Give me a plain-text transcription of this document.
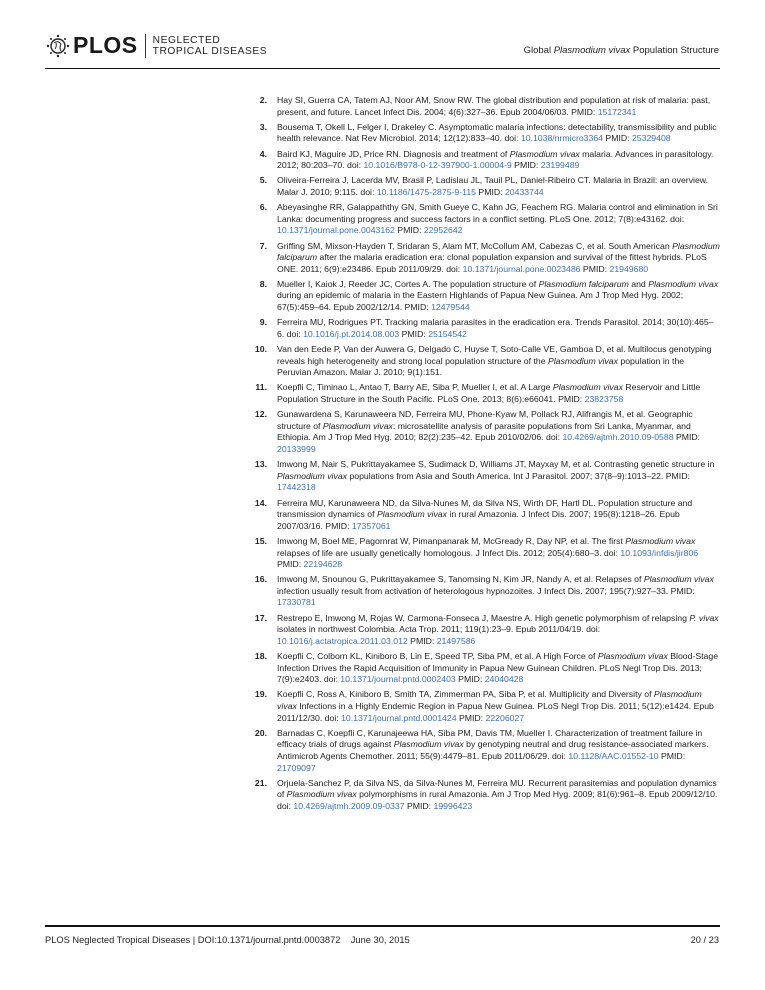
PLOS NEGLECTED
TROPICAL DISEASES	Global Plasmodium vivax Population Structure
2.	Hay SI, Guerra CA, Tatem AJ, Noor AM, Snow RW. The global distribution and population at risk of malaria: past, present, and future. Lancet Infect Dis. 2004; 4(6):327–36. Epub 2004/06/03. PMID: 15172341
3.	Bousema T, Okell L, Felger I, Drakeley C. Asymptomatic malaria infections: detectability, transmissibility and public health relevance. Nat Rev Microbiol. 2014; 12(12):833–40. doi: 10.1038/nrmicro3364 PMID: 25329408
4.	Baird KJ, Maguire JD, Price RN. Diagnosis and treatment of Plasmodium vivax malaria. Advances in parasitology. 2012; 80:203–70. doi: 10.1016/B978-0-12-397900-1.00004-9 PMID: 23199489
5.	Oliveira-Ferreira J, Lacerda MV, Brasil P, Ladislau JL, Tauil PL, Daniel-Ribeiro CT. Malaria in Brazil: an overview. Malar J. 2010; 9:115. doi: 10.1186/1475-2875-9-115 PMID: 20433744
6.	Abeyasinghe RR, Galappaththy GN, Smith Gueye C, Kahn JG, Feachem RG. Malaria control and elimination in Sri Lanka: documenting progress and success factors in a conflict setting. PLoS One. 2012; 7(8):e43162. doi: 10.1371/journal.pone.0043162 PMID: 22952642
7.	Griffing SM, Mixson-Hayden T, Sridaran S, Alam MT, McCollum AM, Cabezas C, et al. South American Plasmodium falciparum after the malaria eradication era: clonal population expansion and survival of the fittest hybrids. PLoS ONE. 2011; 6(9):e23486. Epub 2011/09/29. doi: 10.1371/journal.pone.0023486 PMID: 21949680
8.	Mueller I, Kaiok J, Reeder JC, Cortes A. The population structure of Plasmodium falciparum and Plasmodium vivax during an epidemic of malaria in the Eastern Highlands of Papua New Guinea. Am J Trop Med Hyg. 2002; 67(5):459–64. Epub 2002/12/14. PMID: 12479544
9.	Ferreira MU, Rodrigues PT. Tracking malaria parasites in the eradication era. Trends Parasitol. 2014; 30(10):465–6. doi: 10.1016/j.pt.2014.08.003 PMID: 25154542
10.	Van den Eede P, Van der Auwera G, Delgado C, Huyse T, Soto-Calle VE, Gamboa D, et al. Multilocus genotyping reveals high heterogeneity and strong local population structure of the Plasmodium vivax population in the Peruvian Amazon. Malar J. 2010; 9(1):151.
11.	Koepfli C, Timinao L, Antao T, Barry AE, Siba P, Mueller I, et al. A Large Plasmodium vivax Reservoir and Little Population Structure in the South Pacific. PLoS One. 2013; 8(6):e66041. PMID: 23823758
12.	Gunawardena S, Karunaweera ND, Ferreira MU, Phone-Kyaw M, Pollack RJ, Alifrangis M, et al. Geographic structure of Plasmodium vivax: microsatellite analysis of parasite populations from Sri Lanka, Myanmar, and Ethiopia. Am J Trop Med Hyg. 2010; 82(2):235–42. Epub 2010/02/06. doi: 10.4269/ajtmh.2010.09-0588 PMID: 20133999
13.	Imwong M, Nair S, Pukrittayakamee S, Sudimack D, Williams JT, Mayxay M, et al. Contrasting genetic structure in Plasmodium vivax populations from Asia and South America. Int J Parasitol. 2007; 37(8–9):1013–22. PMID: 17442318
14.	Ferreira MU, Karunaweera ND, da Silva-Nunes M, da Silva NS, Wirth DF, Hartl DL. Population structure and transmission dynamics of Plasmodium vivax in rural Amazonia. J Infect Dis. 2007; 195(8):1218–26. Epub 2007/03/16. PMID: 17357061
15.	Imwong M, Boel ME, Pagornrat W, Pimanpanarak M, McGready R, Day NP, et al. The first Plasmodium vivax relapses of life are usually genetically homologous. J Infect Dis. 2012; 205(4):680–3. doi: 10.1093/infdis/jir806 PMID: 22194628
16.	Imwong M, Snounou G, Pukrittayakamee S, Tanomsing N, Kim JR, Nandy A, et al. Relapses of Plasmodium vivax infection usually result from activation of heterologous hypnozoites. J Infect Dis. 2007; 195(7):927–33. PMID: 17330781
17.	Restrepo E, Imwong M, Rojas W, Carmona-Fonseca J, Maestre A. High genetic polymorphism of relapsing P. vivax isolates in northwest Colombia. Acta Trop. 2011; 119(1):23–9. Epub 2011/04/19. doi: 10.1016/j.actatropica.2011.03.012 PMID: 21497586
18.	Koepfli C, Colborn KL, Kiniboro B, Lin E, Speed TP, Siba PM, et al. A High Force of Plasmodium vivax Blood-Stage Infection Drives the Rapid Acquisition of Immunity in Papua New Guinean Children. PLoS Negl Trop Dis. 2013; 7(9):e2403. doi: 10.1371/journal.pntd.0002403 PMID: 24040428
19.	Koepfli C, Ross A, Kiniboro B, Smith TA, Zimmerman PA, Siba P, et al. Multiplicity and Diversity of Plasmodium vivax Infections in a Highly Endemic Region in Papua New Guinea. PLoS Negl Trop Dis. 2011; 5(12):e1424. Epub 2011/12/30. doi: 10.1371/journal.pntd.0001424 PMID: 22206027
20.	Barnadas C, Koepfli C, Karunajeewa HA, Siba PM, Davis TM, Mueller I. Characterization of treatment failure in efficacy trials of drugs against Plasmodium vivax by genotyping neutral and drug resistance-associated markers. Antimicrob Agents Chemother. 2011; 55(9):4479–81. Epub 2011/06/29. doi: 10.1128/AAC.01552-10 PMID: 21709097
21.	Orjuela-Sanchez P, da Silva NS, da Silva-Nunes M, Ferreira MU. Recurrent parasitemias and population dynamics of Plasmodium vivax polymorphisms in rural Amazonia. Am J Trop Med Hyg. 2009; 81(6):961–8. Epub 2009/12/10. doi: 10.4269/ajtmh.2009.09-0337 PMID: 19996423
PLOS Neglected Tropical Diseases | DOI:10.1371/journal.pntd.0003872    June 30, 2015	20 / 23
